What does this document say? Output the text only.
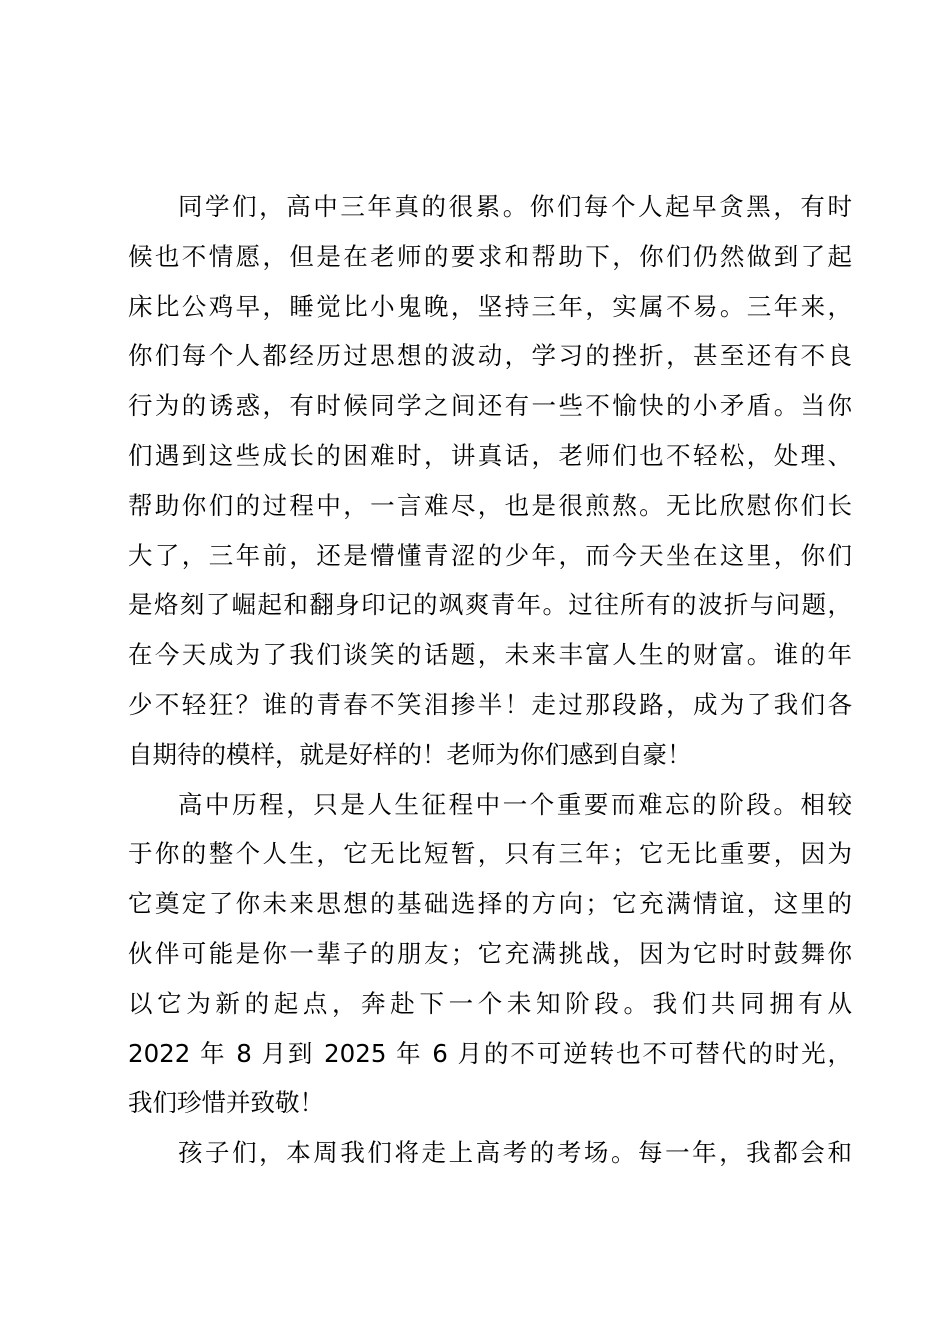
同学们，高中三年真的很累。你们每个人起早贪黑，有时
候也不情愿，但是在老师的要求和帮助下，你们仍然做到了起
床比公鸡早，睡觉比小鬼晚，坚持三年，实属不易。三年来，
你们每个人都经历过思想的波动，学习的挫折，甚至还有不良
行为的诱惑，有时候同学之间还有一些不愉快的小矛盾。当你
们遇到这些成长的困难时，讲真话，老师们也不轻松，处理、
帮助你们的过程中，一言难尽，也是很煎熬。无比欣慰你们长
大了，三年前，还是懵懂青涩的少年，而今天坐在这里，你们
是烙刻了崛起和翻身印记的飒爽青年。过往所有的波折与问题，
在今天成为了我们谈笑的话题，未来丰富人生的财富。谁的年
少不轻狂？谁的青春不笑泪掺半！走过那段路，成为了我们各
自期待的模样，就是好样的！老师为你们感到自豪！
高中历程，只是人生征程中一个重要而难忘的阶段。相较
于你的整个人生，它无比短暂，只有三年；它无比重要，因为
它奠定了你未来思想的基础选择的方向；它充满情谊，这里的
伙伴可能是你一辈子的朋友；它充满挑战，因为它时时鼓舞你
以它为新的起点，奔赴下一个未知阶段。我们共同拥有从
2022 年 8 月到 2025 年 6 月的不可逆转也不可替代的时光，
我们珍惜并致敬！
孩子们，本周我们将走上高考的考场。每一年，我都会和
